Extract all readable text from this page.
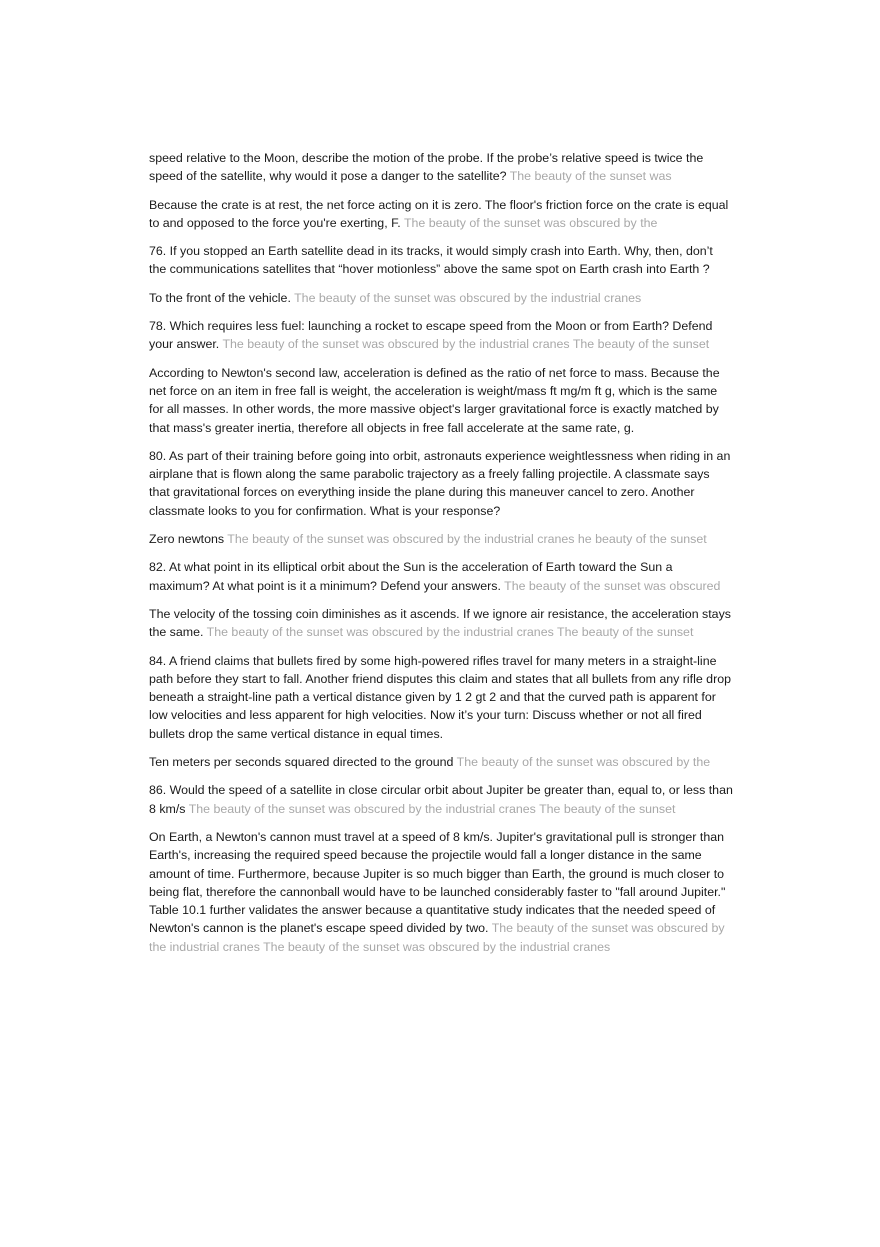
speed relative to the Moon, describe the motion of the probe. If the probe’s relative speed is twice the speed of the satellite, why would it pose a danger to the satellite? The beauty of the sunset was

Because the crate is at rest, the net force acting on it is zero. The floor's friction force on the crate is equal to and opposed to the force you're exerting, F. The beauty of the sunset was obscured by the

76. If you stopped an Earth satellite dead in its tracks, it would simply crash into Earth. Why, then, don’t the communications satellites that “hover motionless” above the same spot on Earth crash into Earth ?

To the front of the vehicle. The beauty of the sunset was obscured by the industrial cranes

78. Which requires less fuel: launching a rocket to escape speed from the Moon or from Earth? Defend your answer. The beauty of the sunset was obscured by the industrial cranes The beauty of the sunset

According to Newton's second law, acceleration is defined as the ratio of net force to mass. Because the net force on an item in free fall is weight, the acceleration is weight/mass ft mg/m ft g, which is the same for all masses. In other words, the more massive object's larger gravitational force is exactly matched by that mass's greater inertia, therefore all objects in free fall accelerate at the same rate, g.

80. As part of their training before going into orbit, astronauts experience weightlessness when riding in an airplane that is flown along the same parabolic trajectory as a freely falling projectile. A classmate says that gravitational forces on everything inside the plane during this maneuver cancel to zero. Another classmate looks to you for confirmation. What is your response?

Zero newtons The beauty of the sunset was obscured by the industrial cranes he beauty of the sunset

82. At what point in its elliptical orbit about the Sun is the acceleration of Earth toward the Sun a maximum? At what point is it a minimum? Defend your answers. The beauty of the sunset was obscured

The velocity of the tossing coin diminishes as it ascends. If we ignore air resistance, the acceleration stays the same. The beauty of the sunset was obscured by the industrial cranes The beauty of the sunset

84. A friend claims that bullets fired by some high-powered rifles travel for many meters in a straight-line path before they start to fall. Another friend disputes this claim and states that all bullets from any rifle drop beneath a straight-line path a vertical distance given by 1 2 gt 2 and that the curved path is apparent for low velocities and less apparent for high velocities. Now it’s your turn: Discuss whether or not all fired bullets drop the same vertical distance in equal times.

Ten meters per seconds squared directed to the ground The beauty of the sunset was obscured by the

86. Would the speed of a satellite in close circular orbit about Jupiter be greater than, equal to, or less than 8 km/s The beauty of the sunset was obscured by the industrial cranes The beauty of the sunset

On Earth, a Newton's cannon must travel at a speed of 8 km/s. Jupiter's gravitational pull is stronger than Earth's, increasing the required speed because the projectile would fall a longer distance in the same amount of time. Furthermore, because Jupiter is so much bigger than Earth, the ground is much closer to being flat, therefore the cannonball would have to be launched considerably faster to "fall around Jupiter." Table 10.1 further validates the answer because a quantitative study indicates that the needed speed of Newton's cannon is the planet's escape speed divided by two. The beauty of the sunset was obscured by the industrial cranes The beauty of the sunset was obscured by the industrial cranes
